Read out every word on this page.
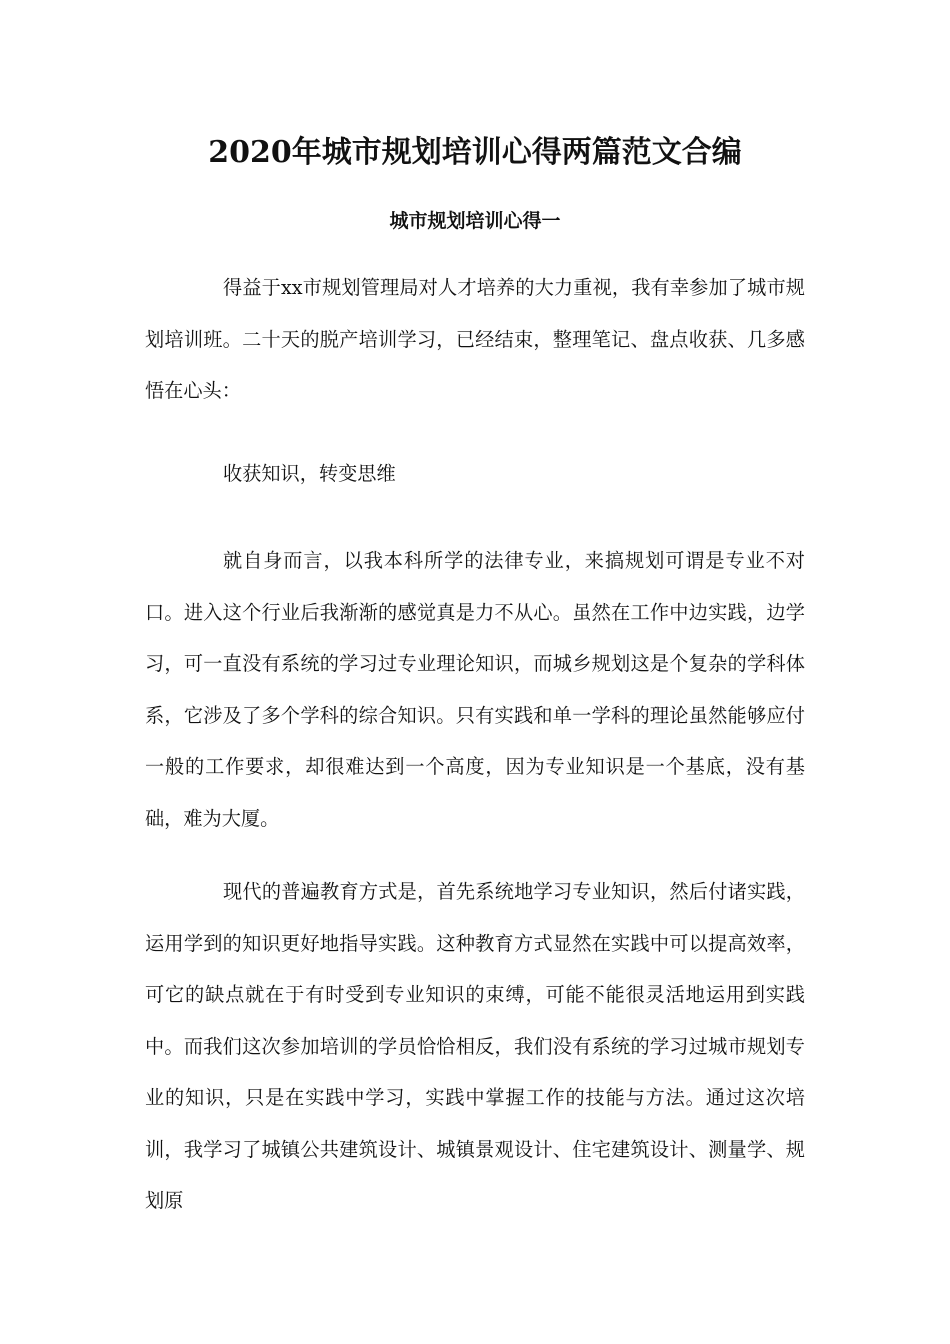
2020年城市规划培训心得两篇范文合编
城市规划培训心得一

得益于xx市规划管理局对人才培养的大力重视，我有幸参加了城市规划培训班。二十天的脱产培训学习，已经结束，整理笔记、盘点收获、几多感悟在心头：

收获知识，转变思维

就自身而言，以我本科所学的法律专业，来搞规划可谓是专业不对口。进入这个行业后我渐渐的感觉真是力不从心。虽然在工作中边实践，边学习，可一直没有系统的学习过专业理论知识，而城乡规划这是个复杂的学科体系，它涉及了多个学科的综合知识。只有实践和单一学科的理论虽然能够应付一般的工作要求，却很难达到一个高度，因为专业知识是一个基底，没有基础，难为大厦。

现代的普遍教育方式是，首先系统地学习专业知识，然后付诸实践，运用学到的知识更好地指导实践。这种教育方式显然在实践中可以提高效率，可它的缺点就在于有时受到专业知识的束缚，可能不能很灵活地运用到实践中。而我们这次参加培训的学员恰恰相反，我们没有系统的学习过城市规划专业的知识，只是在实践中学习，实践中掌握工作的技能与方法。通过这次培训，我学习了城镇公共建筑设计、城镇景观设计、住宅建筑设计、测量学、规划原
